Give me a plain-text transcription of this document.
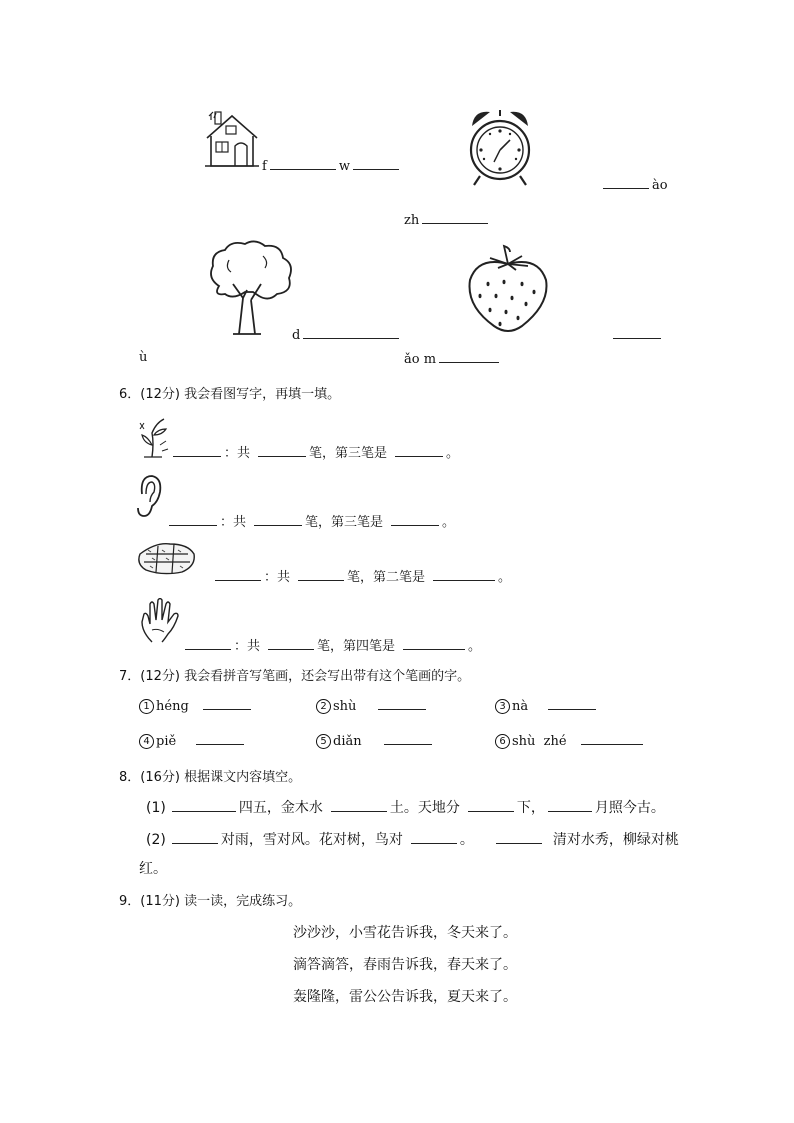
f	w
ào
zh
d
ù	ǎo m
6．(12分) 我会看图写字，再填一填。
：共	笔，第三笔是	。
：共	笔，第三笔是	。
：共	笔，第二笔是	。
：共	笔，第四笔是	。
7．(12分) 我会看拼音写笔画，还会写出带有这个笔画的字。
1 héng	2 shù	3 nà
4 piě	5 diǎn	6 shù  zhé
8．(16分) 根据课文内容填空。
(1)	四五，金木水	土。天地分	下，	月照今古。
(2)	对雨，雪对风。花对树，鸟对	。	清对水秀，柳绿对桃
红。
9．(11分) 读一读，完成练习。
沙沙沙，小雪花告诉我，冬天来了。
滴答滴答，春雨告诉我，春天来了。
轰隆隆，雷公公告诉我，夏天来了。
